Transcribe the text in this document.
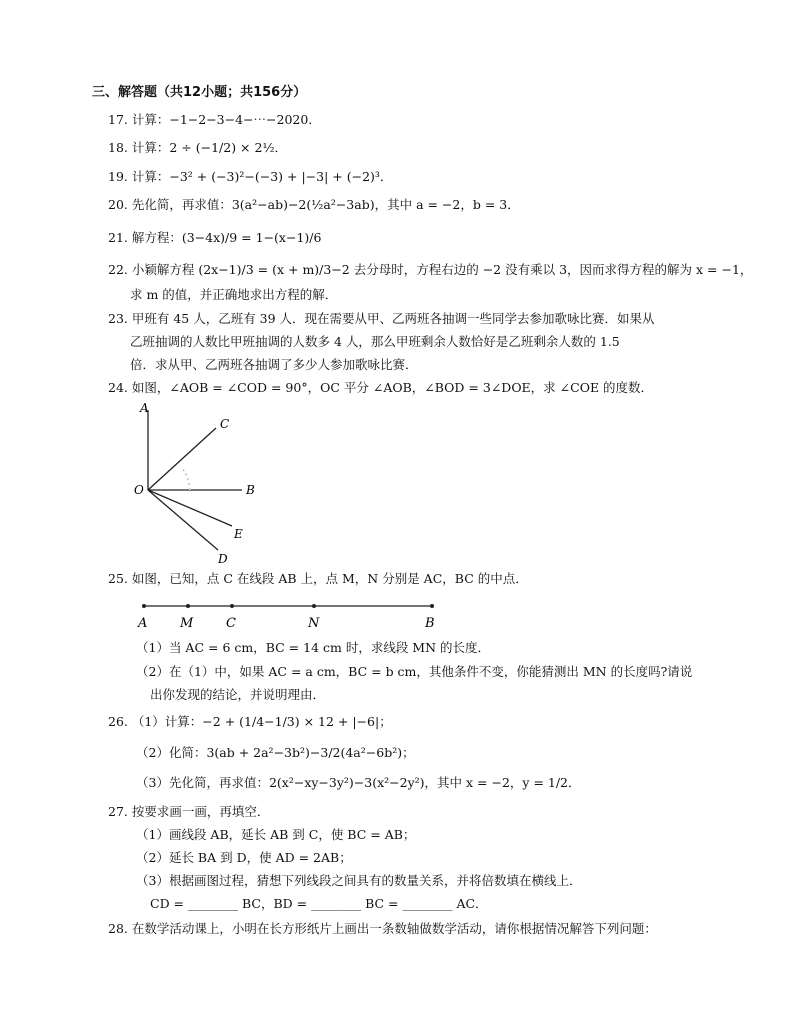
三、解答题（共12小题；共156分）
17. 计算：−1−2−3−4−⋯−2020．
18. 计算：2 ÷ (−1/2) × 2½．
19. 计算：−3² + (−3)²−(−3) + |−3| + (−2)³．
20. 先化简，再求值：3(a²−ab)−2(½a²−3ab)，其中 a = −2，b = 3．
21. 解方程：(3−4x)/9 = 1−(x−1)/6
22. 小颖解方程 (2x−1)/3 = (x + m)/3−2 去分母时，方程右边的 −2 没有乘以 3，因而求得方程的解为 x = −1，
求 m 的值，并正确地求出方程的解．
23. 甲班有 45 人，乙班有 39 人．现在需要从甲、乙两班各抽调一些同学去参加歌咏比赛．如果从
乙班抽调的人数比甲班抽调的人数多 4 人，那么甲班剩余人数恰好是乙班剩余人数的 1.5
倍．求从甲、乙两班各抽调了多少人参加歌咏比赛．
24. 如图，∠AOB = ∠COD = 90°，OC 平分 ∠AOB，∠BOD = 3∠DOE，求 ∠COE 的度数．
A
C
O	B
E
D
25. 如图，已知，点 C 在线段 AB 上，点 M，N 分别是 AC，BC 的中点．
A	M	C	N	B
（1）当 AC = 6 cm，BC = 14 cm 时，求线段 MN 的长度．
（2）在（1）中，如果 AC = a cm，BC = b cm，其他条件不变，你能猜测出 MN 的长度吗?请说
出你发现的结论，并说明理由．
26. （1）计算：−2 + (1/4−1/3) × 12 + |−6|；
（2）化简：3(ab + 2a²−3b²)−3/2(4a²−6b²)；
（3）先化简，再求值：2(x²−xy−3y²)−3(x²−2y²)，其中 x = −2，y = 1/2．
27. 按要求画一画，再填空．
（1）画线段 AB，延长 AB 到 C，使 BC = AB；
（2）延长 BA 到 D，使 AD = 2AB；
（3）根据画图过程，猜想下列线段之间具有的数量关系，并将倍数填在横线上．
CD = ________ BC，BD = ________ BC = ________ AC．
28. 在数学活动课上，小明在长方形纸片上画出一条数轴做数学活动，请你根据情况解答下列问题：
